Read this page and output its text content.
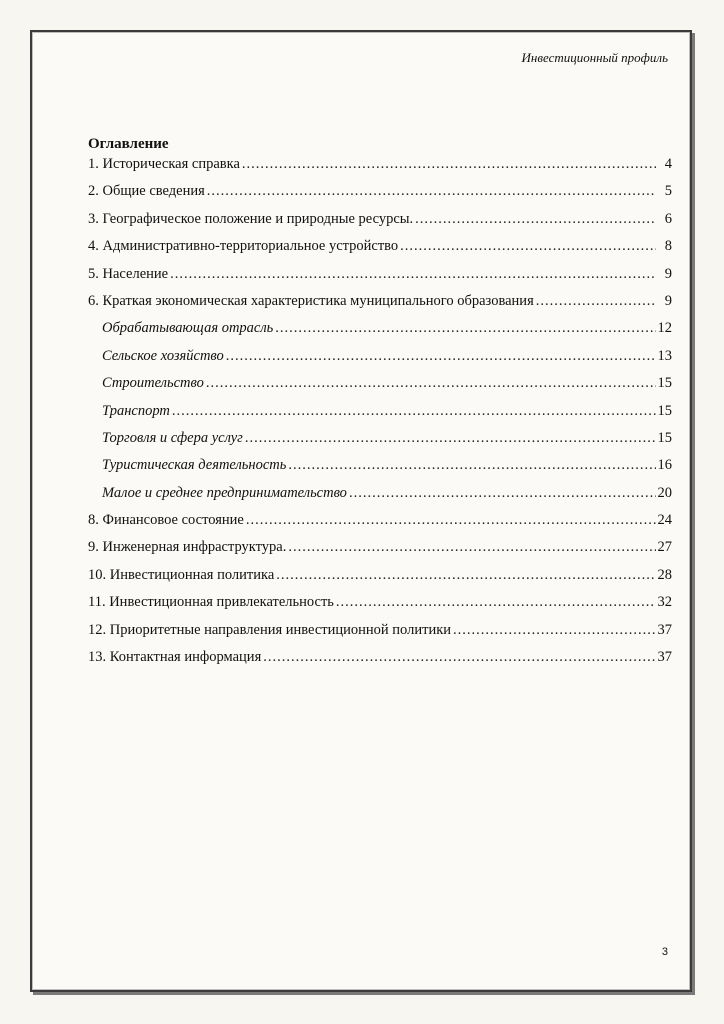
Инвестиционный профиль
Оглавление
1. Историческая справка .....	4
2. Общие сведения .....	5
3. Географическое положение и природные ресурсы. .....	6
4. Административно-территориальное устройство .....	8
5. Население .....	9
6. Краткая экономическая характеристика муниципального образования .....	9
Обрабатывающая отрасль .....	12
Сельское хозяйство .....	13
Строительство .....	15
Транспорт .....	15
Торговля и сфера услуг .....	15
Туристическая деятельность .....	16
Малое и среднее предпринимательство .....	20
8. Финансовое состояние .....	24
9. Инженерная инфраструктура. .....	27
10. Инвестиционная политика .....	28
11. Инвестиционная привлекательность .....	32
12. Приоритетные направления инвестиционной политики .....	37
13. Контактная информация .....	37
3
